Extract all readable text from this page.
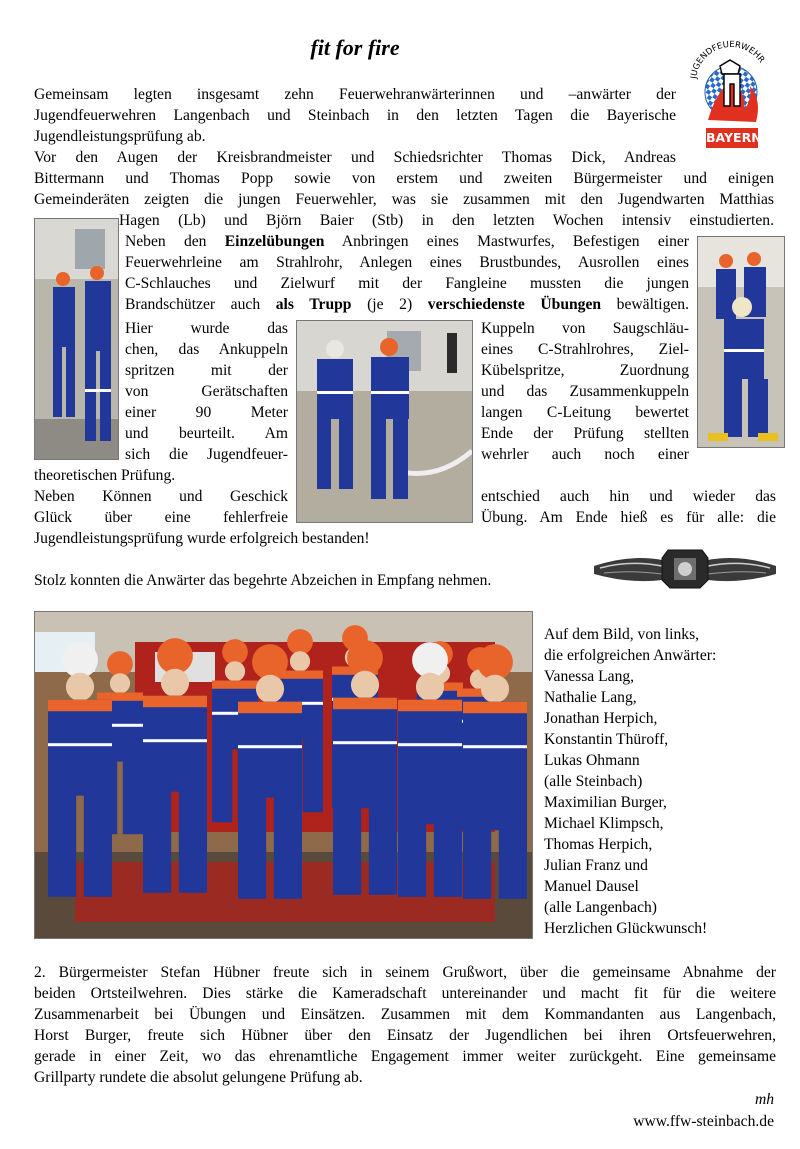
fit for fire
JUGENDFEUERWEHR
BAYERN
Gemeinsam legten insgesamt zehn Feuerwehranwärterinnen und –anwärter der
Jugendfeuerwehren Langenbach und Steinbach in den letzten Tagen die Bayerische
Jugendleistungsprüfung ab.
Vor den Augen der Kreisbrandmeister und Schiedsrichter Thomas Dick, Andreas
Bittermann und Thomas Popp sowie von erstem und zweiten Bürgermeister und einigen
Gemeinderäten zeigten die jungen Feuerwehler, was sie zusammen mit den Jugendwarten Matthias
Hagen (Lb) und Björn Baier (Stb) in den letzten Wochen intensiv einstudierten.
Neben den Einzelübungen Anbringen eines Mastwurfes, Befestigen einer
Feuerwehrleine am Strahlrohr, Anlegen eines Brustbundes, Ausrollen eines
C-Schlauches und Zielwurf mit der Fangleine mussten die jungen
Brandschützer auch als Trupp (je 2) verschiedenste Übungen bewältigen.
Hier wurde das
chen, das Ankuppeln
spritzen mit der
von Gerätschaften
einer 90 Meter
und beurteilt. Am
sich die Jugendfeuer-
Kuppeln von Saugschläu-
eines C-Strahlrohres, Ziel-
Kübelspritze, Zuordnung
und das Zusammenkuppeln
langen C-Leitung bewertet
Ende der Prüfung stellten
wehrler auch noch einer
theoretischen Prüfung.
Neben Können und Geschick	entschied auch hin und wieder das
Glück über eine fehlerfreie	Übung. Am Ende hieß es für alle: die
Jugendleistungsprüfung wurde erfolgreich bestanden!
Stolz konnten die Anwärter das begehrte Abzeichen in Empfang nehmen.
Auf dem Bild, von links,
die erfolgreichen Anwärter:
Vanessa Lang,
Nathalie Lang,
Jonathan Herpich,
Konstantin Thüroff,
Lukas Ohmann
(alle Steinbach)
Maximilian Burger,
Michael Klimpsch,
Thomas Herpich,
Julian Franz und
Manuel Dausel
(alle Langenbach)
Herzlichen Glückwunsch!
2. Bürgermeister Stefan Hübner freute sich in seinem Grußwort, über die gemeinsame Abnahme der
beiden Ortsteilwehren. Dies stärke die Kameradschaft untereinander und macht fit für die weitere
Zusammenarbeit bei Übungen und Einsätzen. Zusammen mit dem Kommandanten aus Langenbach,
Horst Burger, freute sich Hübner über den Einsatz der Jugendlichen bei ihren Ortsfeuerwehren,
gerade in einer Zeit, wo das ehrenamtliche Engagement immer weiter zurückgeht. Eine gemeinsame
Grillparty rundete die absolut gelungene Prüfung ab.
mh
www.ffw-steinbach.de
